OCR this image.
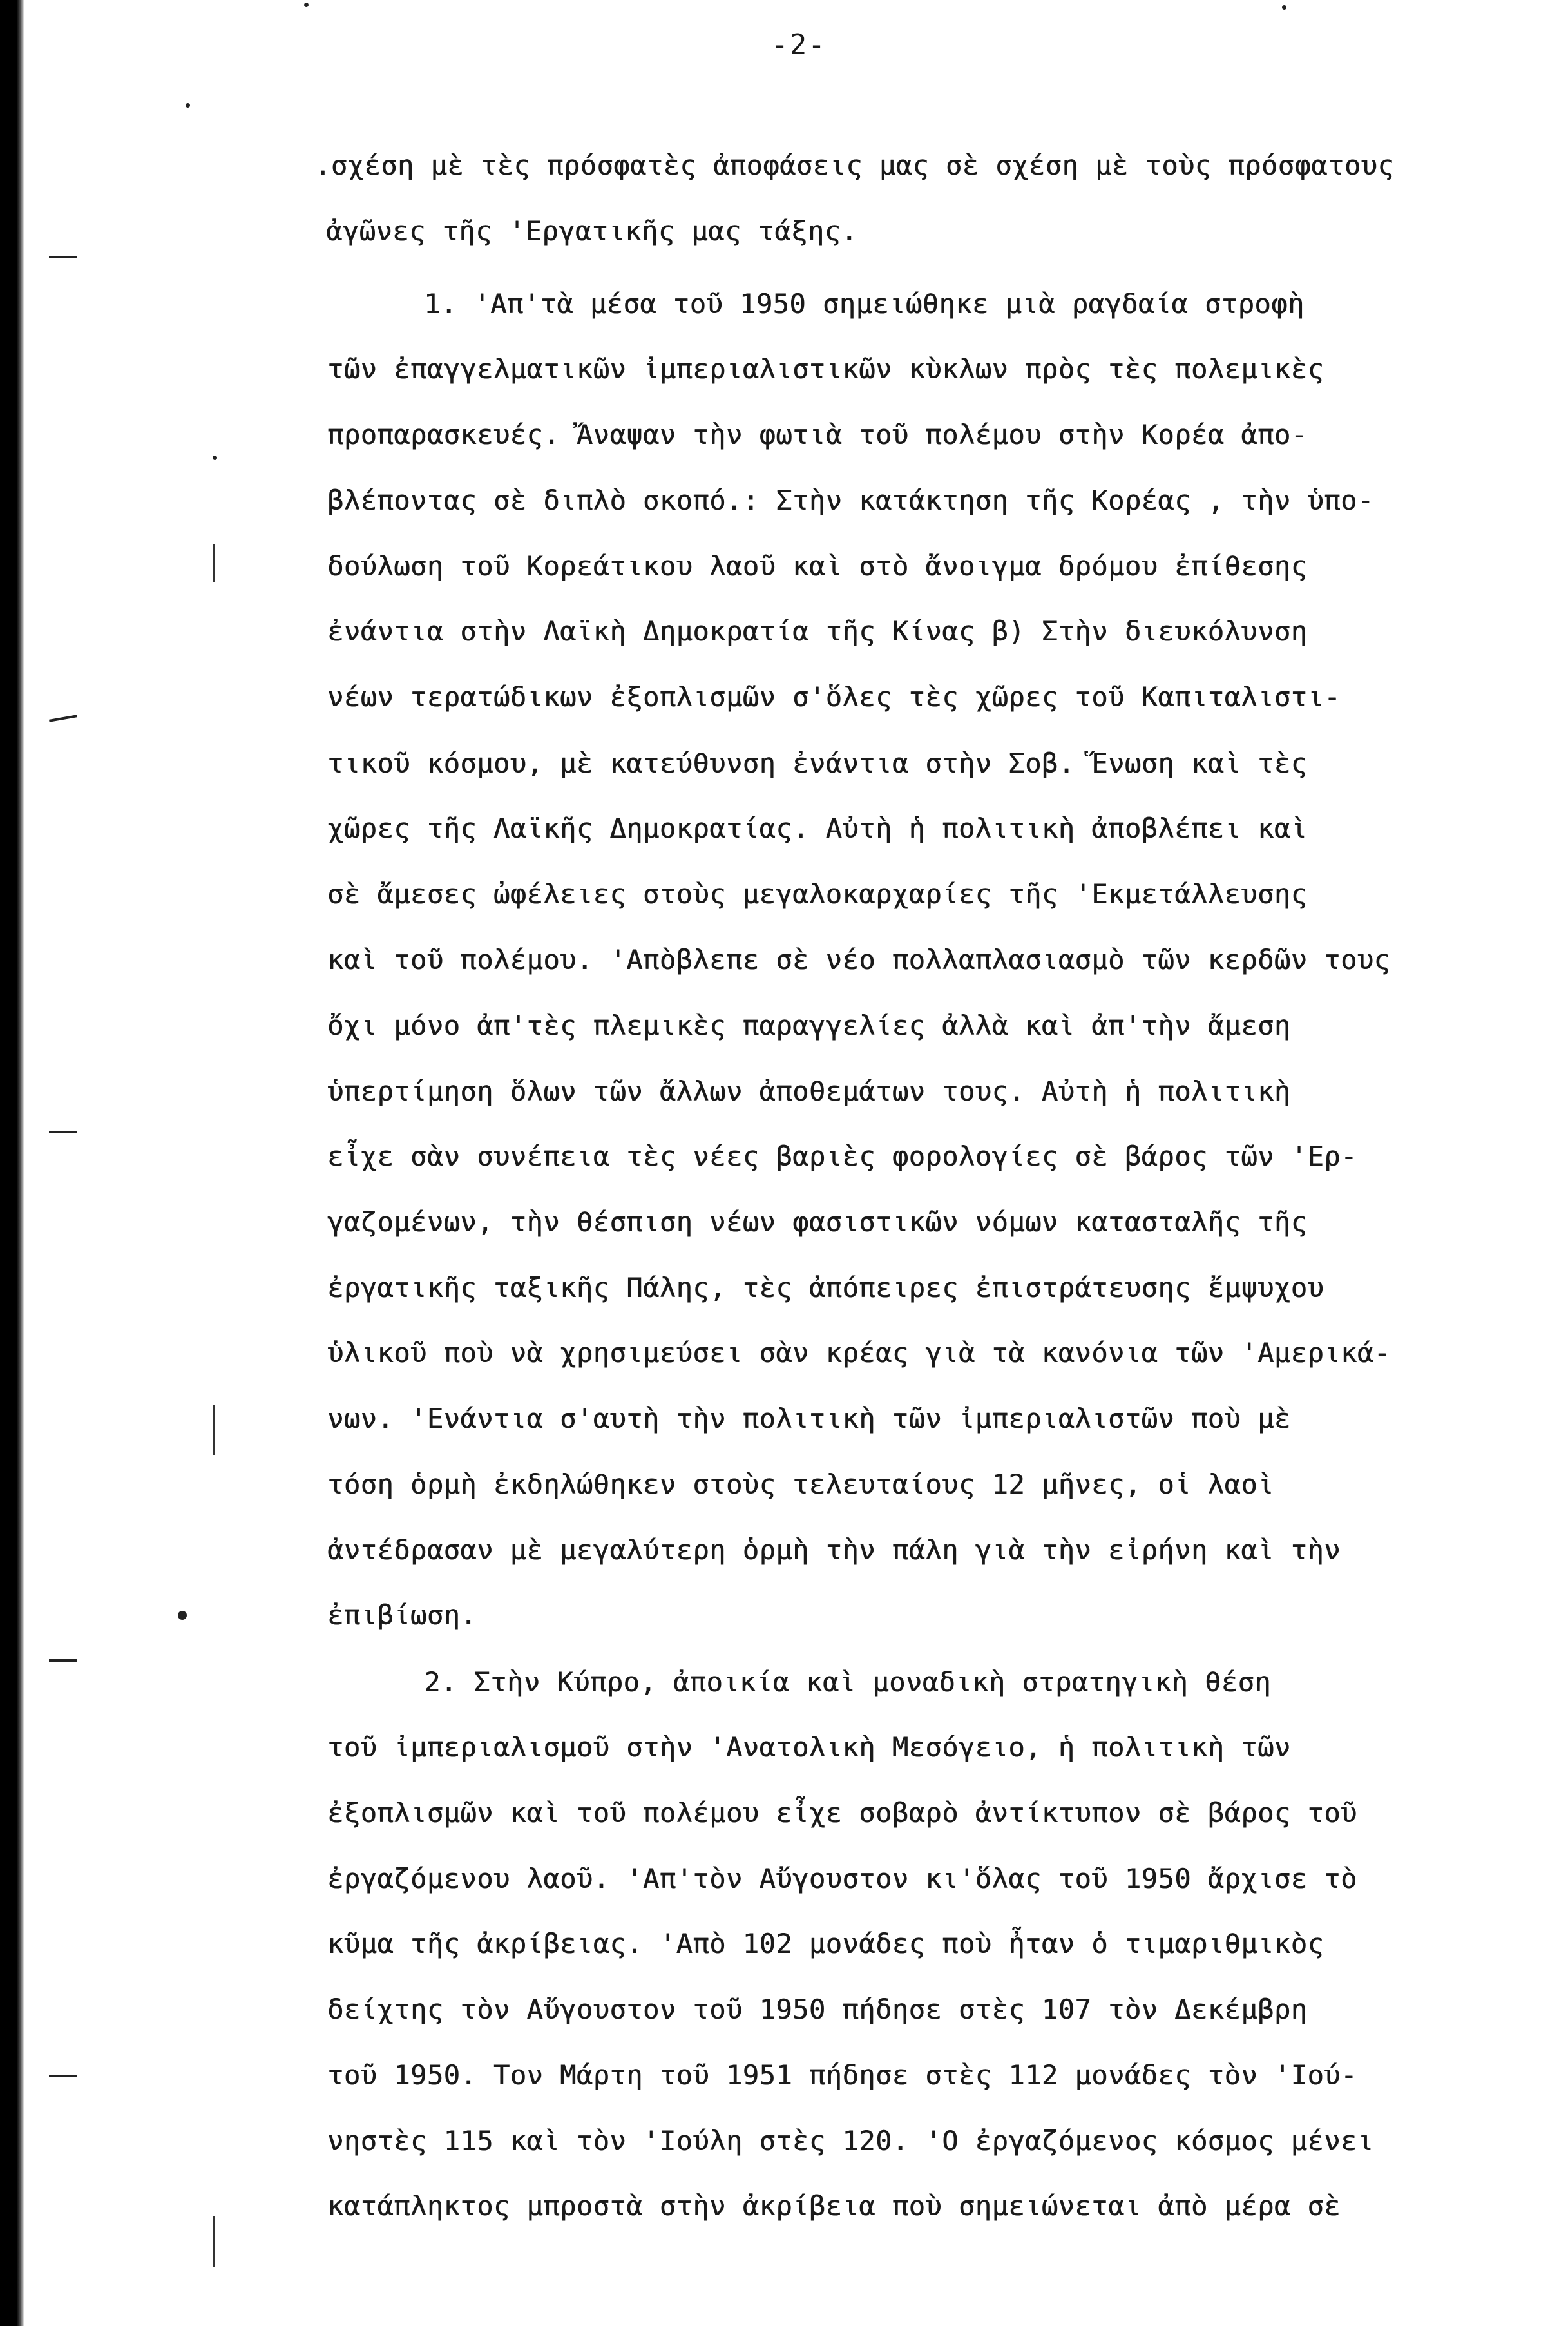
-2-
.σχέση μὲ τὲς πρόσφατὲς ἀποφάσεις μας σὲ σχέση μὲ τοὺς πρόσφατους
ἀγῶνες τῆς 'Εργατικῆς μας τάξης.
1. 'Απ'τὰ μέσα τοῦ 1950 σημειώθηκε μιὰ ραγδαία στροφὴ
τῶν ἐπαγγελματικῶν ἰμπεριαλιστικῶν κὺκλων πρὸς τὲς πολεμικὲς
προπαρασκευές. Ἄναψαν τὴν φωτιὰ τοῦ πολέμου στὴν Κορέα ἀπο-
βλέποντας σὲ διπλὸ σκοπό.: Στὴν κατάκτηση τῆς Κορέας , τὴν ὑπο-
δούλωση τοῦ Κορεάτικου λαοῦ καὶ στὸ ἄνοιγμα δρόμου ἐπίθεσης
ἐνάντια στὴν Λαϊκὴ Δημοκρατία τῆς Κίνας β) Στὴν διευκόλυνση
νέων τερατώδικων ἐξοπλισμῶν σ'ὅλες τὲς χῶρες τοῦ Καπιταλιστι-
τικοῦ κόσμου, μὲ κατεύθυνση ἐνάντια στὴν Σοβ. Ἕνωση καὶ τὲς
χῶρες τῆς Λαϊκῆς Δημοκρατίας. Αὐτὴ ἡ πολιτικὴ ἀποβλέπει καὶ
σὲ ἄμεσες ὠφέλειες στοὺς μεγαλοκαρχαρίες τῆς 'Εκμετάλλευσης
καὶ τοῦ πολέμου. 'Απὸβλεπε σὲ νέο πολλαπλασιασμὸ τῶν κερδῶν τους
ὄχι μόνο ἀπ'τὲς πλεμικὲς παραγγελίες ἀλλὰ καὶ ἀπ'τὴν ἄμεση
ὑπερτίμηση ὅλων τῶν ἄλλων ἀποθεμάτων τους. Αὐτὴ ἡ πολιτικὴ
εἶχε σὰν συνέπεια τὲς νέες βαριὲς φορολογίες σὲ βάρος τῶν 'Ερ-
γαζομένων, τὴν θέσπιση νέων φασιστικῶν νόμων κατασταλῆς τῆς
ἐργατικῆς ταξικῆς Πάλης, τὲς ἀπόπειρες ἐπιστράτευσης ἔμψυχου
ὑλικοῦ ποὺ νὰ χρησιμεύσει σὰν κρέας γιὰ τὰ κανόνια τῶν 'Αμερικά-
νων. 'Ενάντια σ'αυτὴ τὴν πολιτικὴ τῶν ἰμπεριαλιστῶν ποὺ μὲ
τόση ὁρμὴ ἐκδηλώθηκεν στοὺς τελευταίους 12 μῆνες, οἱ λαοὶ
ἀντέδρασαν μὲ μεγαλύτερη ὁρμὴ τὴν πάλη γιὰ τὴν εἰρήνη καὶ τὴν
ἐπιβίωση.
2. Στὴν Κύπρο, ἀποικία καὶ μοναδικὴ στρατηγικὴ θέση
τοῦ ἰμπεριαλισμοῦ στὴν 'Ανατολικὴ Μεσόγειο, ἡ πολιτικὴ τῶν
ἐξοπλισμῶν καὶ τοῦ πολέμου εἶχε σοβαρὸ ἀντίκτυπον σὲ βάρος τοῦ
ἐργαζόμενου λαοῦ. 'Απ'τὸν Αὔγουστον κι'ὅλας τοῦ 1950 ἄρχισε τὸ
κῦμα τῆς ἀκρίβειας. 'Απὸ 102 μονάδες ποὺ ἦταν ὁ τιμαριθμικὸς
δείχτης τὸν Αὔγουστον τοῦ 1950 πήδησε στὲς 107 τὸν Δεκέμβρη
τοῦ 1950. Τον Μάρτη τοῦ 1951 πήδησε στὲς 112 μονάδες τὸν 'Ιού-
νηστὲς 115 καὶ τὸν 'Ιούλη στὲς 120. 'Ο ἐργαζόμενος κόσμος μένει
κατάπληκτος μπροστὰ στὴν ἀκρίβεια ποὺ σημειώνεται ἀπὸ μέρα σὲ
